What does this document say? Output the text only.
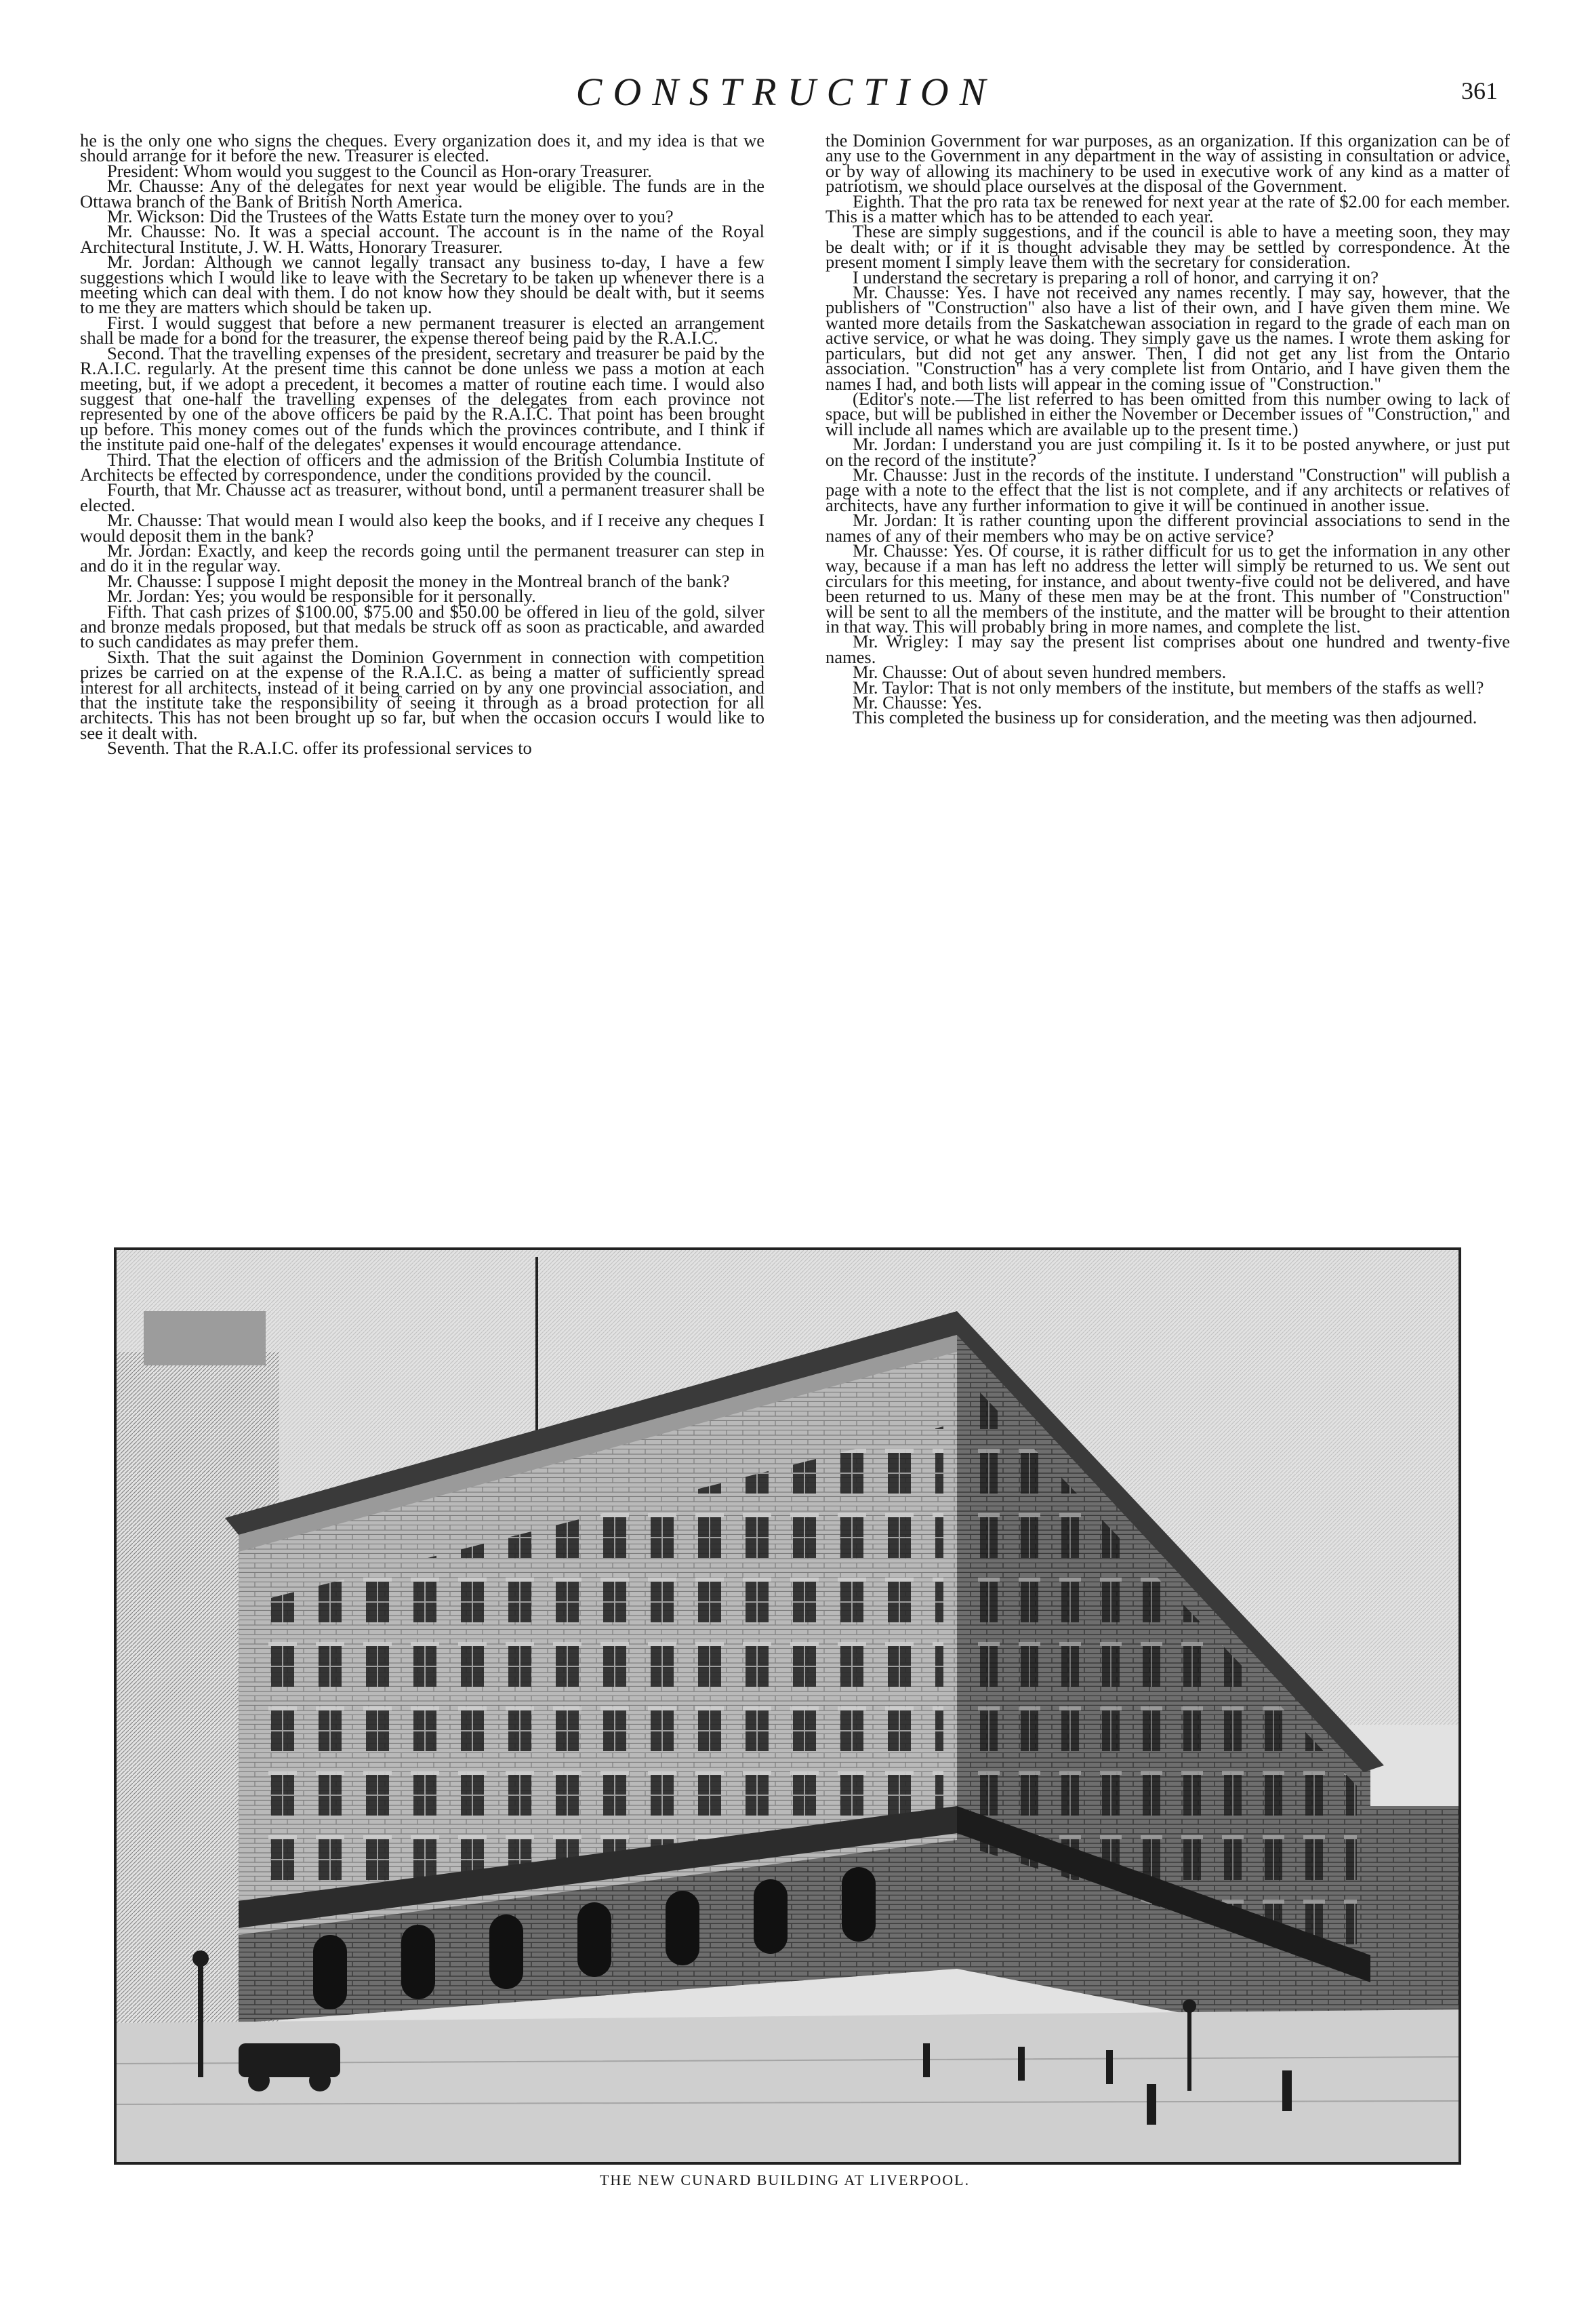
CONSTRUCTION	361

he is the only one who signs the cheques. Every organization does it, and my idea is that we should arrange for it before the new. Treasurer is elected.

President: Whom would you suggest to the Council as Hon-orary Treasurer.

Mr. Chausse: Any of the delegates for next year would be eligible. The funds are in the Ottawa branch of the Bank of British North America.

Mr. Wickson: Did the Trustees of the Watts Estate turn the money over to you?

Mr. Chausse: No. It was a special account. The account is in the name of the Royal Architectural Institute, J. W. H. Watts, Honorary Treasurer.

Mr. Jordan: Although we cannot legally transact any business to-day, I have a few suggestions which I would like to leave with the Secretary to be taken up whenever there is a meeting which can deal with them. I do not know how they should be dealt with, but it seems to me they are matters which should be taken up.

First. I would suggest that before a new permanent treasurer is elected an arrangement shall be made for a bond for the treasurer, the expense thereof being paid by the R.A.I.C.

Second. That the travelling expenses of the president, secretary and treasurer be paid by the R.A.I.C. regularly. At the present time this cannot be done unless we pass a motion at each meeting, but, if we adopt a precedent, it becomes a matter of routine each time. I would also suggest that one-half the travelling expenses of the delegates from each province not represented by one of the above officers be paid by the R.A.I.C. That point has been brought up before. This money comes out of the funds which the provinces contribute, and I think if the institute paid one-half of the delegates' expenses it would encourage attendance.

Third. That the election of officers and the admission of the British Columbia Institute of Architects be effected by correspondence, under the conditions provided by the council.

Fourth, that Mr. Chausse act as treasurer, without bond, until a permanent treasurer shall be elected.

Mr. Chausse: That would mean I would also keep the books, and if I receive any cheques I would deposit them in the bank?

Mr. Jordan: Exactly, and keep the records going until the permanent treasurer can step in and do it in the regular way.

Mr. Chausse: I suppose I might deposit the money in the Montreal branch of the bank?

Mr. Jordan: Yes; you would be responsible for it personally.

Fifth. That cash prizes of $100.00, $75.00 and $50.00 be offered in lieu of the gold, silver and bronze medals proposed, but that medals be struck off as soon as practicable, and awarded to such candidates as may prefer them.

Sixth. That the suit against the Dominion Government in connection with competition prizes be carried on at the expense of the R.A.I.C. as being a matter of sufficiently spread interest for all architects, instead of it being carried on by any one provincial association, and that the institute take the responsibility of seeing it through as a broad protection for all architects. This has not been brought up so far, but when the occasion occurs I would like to see it dealt with.

Seventh. That the R.A.I.C. offer its professional services to

the Dominion Government for war purposes, as an organization. If this organization can be of any use to the Government in any department in the way of assisting in consultation or advice, or by way of allowing its machinery to be used in executive work of any kind as a matter of patriotism, we should place ourselves at the disposal of the Government.

Eighth. That the pro rata tax be renewed for next year at the rate of $2.00 for each member. This is a matter which has to be attended to each year.

These are simply suggestions, and if the council is able to have a meeting soon, they may be dealt with; or if it is thought advisable they may be settled by correspondence. At the present moment I simply leave them with the secretary for consideration.

I understand the secretary is preparing a roll of honor, and carrying it on?

Mr. Chausse: Yes. I have not received any names recently. I may say, however, that the publishers of "Construction" also have a list of their own, and I have given them mine. We wanted more details from the Saskatchewan association in regard to the grade of each man on active service, or what he was doing. They simply gave us the names. I wrote them asking for particulars, but did not get any answer. Then, I did not get any list from the Ontario association. "Construction" has a very complete list from Ontario, and I have given them the names I had, and both lists will appear in the coming issue of "Construction."

(Editor's note.—The list referred to has been omitted from this number owing to lack of space, but will be published in either the November or December issues of "Construction," and will include all names which are available up to the present time.)

Mr. Jordan: I understand you are just compiling it. Is it to be posted anywhere, or just put on the record of the institute?

Mr. Chausse: Just in the records of the institute. I understand "Construction" will publish a page with a note to the effect that the list is not complete, and if any architects or relatives of architects, have any further information to give it will be continued in another issue.

Mr. Jordan: It is rather counting upon the different provincial associations to send in the names of any of their members who may be on active service?

Mr. Chausse: Yes. Of course, it is rather difficult for us to get the information in any other way, because if a man has left no address the letter will simply be returned to us. We sent out circulars for this meeting, for instance, and about twenty-five could not be delivered, and have been returned to us. Many of these men may be at the front. This number of "Construction" will be sent to all the members of the institute, and the matter will be brought to their attention in that way. This will probably bring in more names, and complete the list.

Mr. Wrigley: I may say the present list comprises about one hundred and twenty-five names.

Mr. Chausse: Out of about seven hundred members.

Mr. Taylor: That is not only members of the institute, but members of the staffs as well?

Mr. Chausse: Yes.

This completed the business up for consideration, and the meeting was then adjourned.

THE NEW CUNARD BUILDING AT LIVERPOOL.
